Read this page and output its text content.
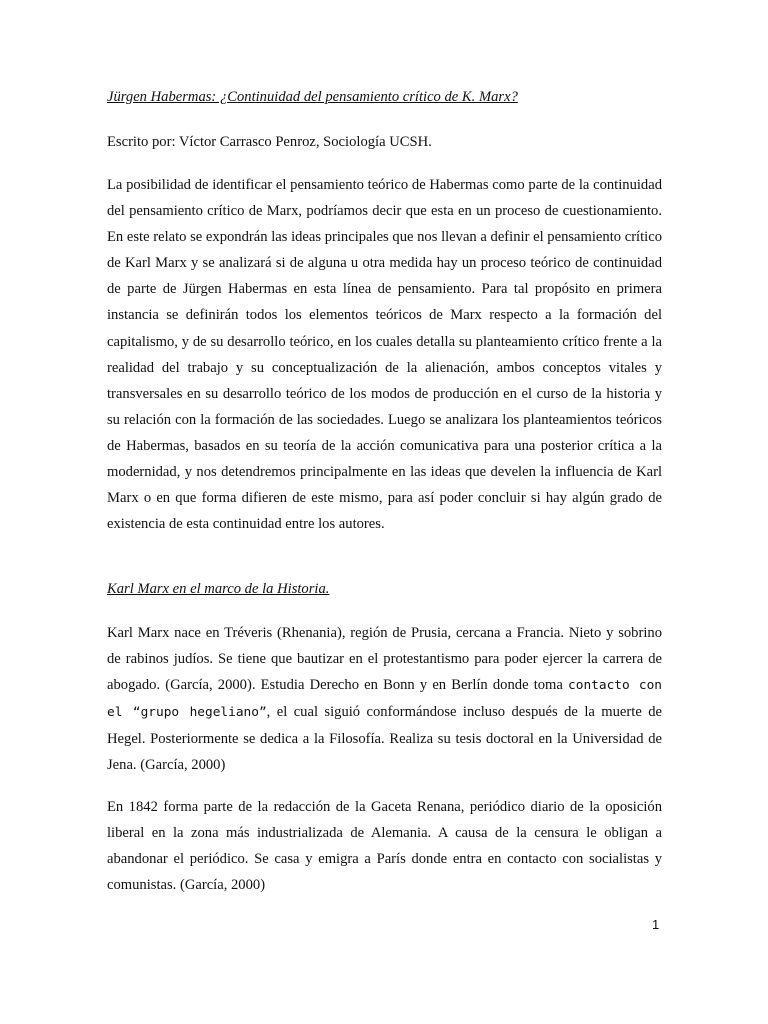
Jürgen Habermas: ¿Continuidad del pensamiento crítico de K. Marx?

Escrito por: Víctor Carrasco Penroz, Sociología UCSH.

La posibilidad de identificar el pensamiento teórico de Habermas como parte de la continuidad del pensamiento crítico de Marx, podríamos decir que esta en un proceso de cuestionamiento. En este relato se expondrán las ideas principales que nos llevan a definir el pensamiento crítico de Karl Marx y se analizará si de alguna u otra medida hay un proceso teórico de continuidad de parte de Jürgen Habermas en esta línea de pensamiento. Para tal propósito en primera instancia se definirán todos los elementos teóricos de Marx respecto a la formación del capitalismo, y de su desarrollo teórico, en los cuales detalla su planteamiento crítico frente a la realidad del trabajo y su conceptualización de la alienación, ambos conceptos vitales y transversales en su desarrollo teórico de los modos de producción en el curso de la historia y su relación con la formación de las sociedades. Luego se analizara los planteamientos teóricos de Habermas, basados en su teoría de la acción comunicativa para una posterior crítica a la modernidad, y nos detendremos principalmente en las ideas que develen la influencia de Karl Marx o en que forma difieren de este mismo, para así poder concluir si hay algún grado de existencia de esta continuidad entre los autores.

Karl Marx en el marco de la Historia.

Karl Marx nace en Tréveris (Rhenania), región de Prusia, cercana a Francia. Nieto y sobrino de rabinos judíos. Se tiene que bautizar en el protestantismo para poder ejercer la carrera de abogado. (García, 2000). Estudia Derecho en Bonn y en Berlín donde toma contacto con el “grupo hegeliano”, el cual siguió conformándose incluso después de la muerte de Hegel. Posteriormente se dedica a la Filosofía. Realiza su tesis doctoral en la Universidad de Jena. (García, 2000)

En 1842 forma parte de la redacción de la Gaceta Renana, periódico diario de la oposición liberal en la zona más industrializada de Alemania. A causa de la censura le obligan a abandonar el periódico. Se casa y emigra a París donde entra en contacto con socialistas y comunistas. (García, 2000)

1
